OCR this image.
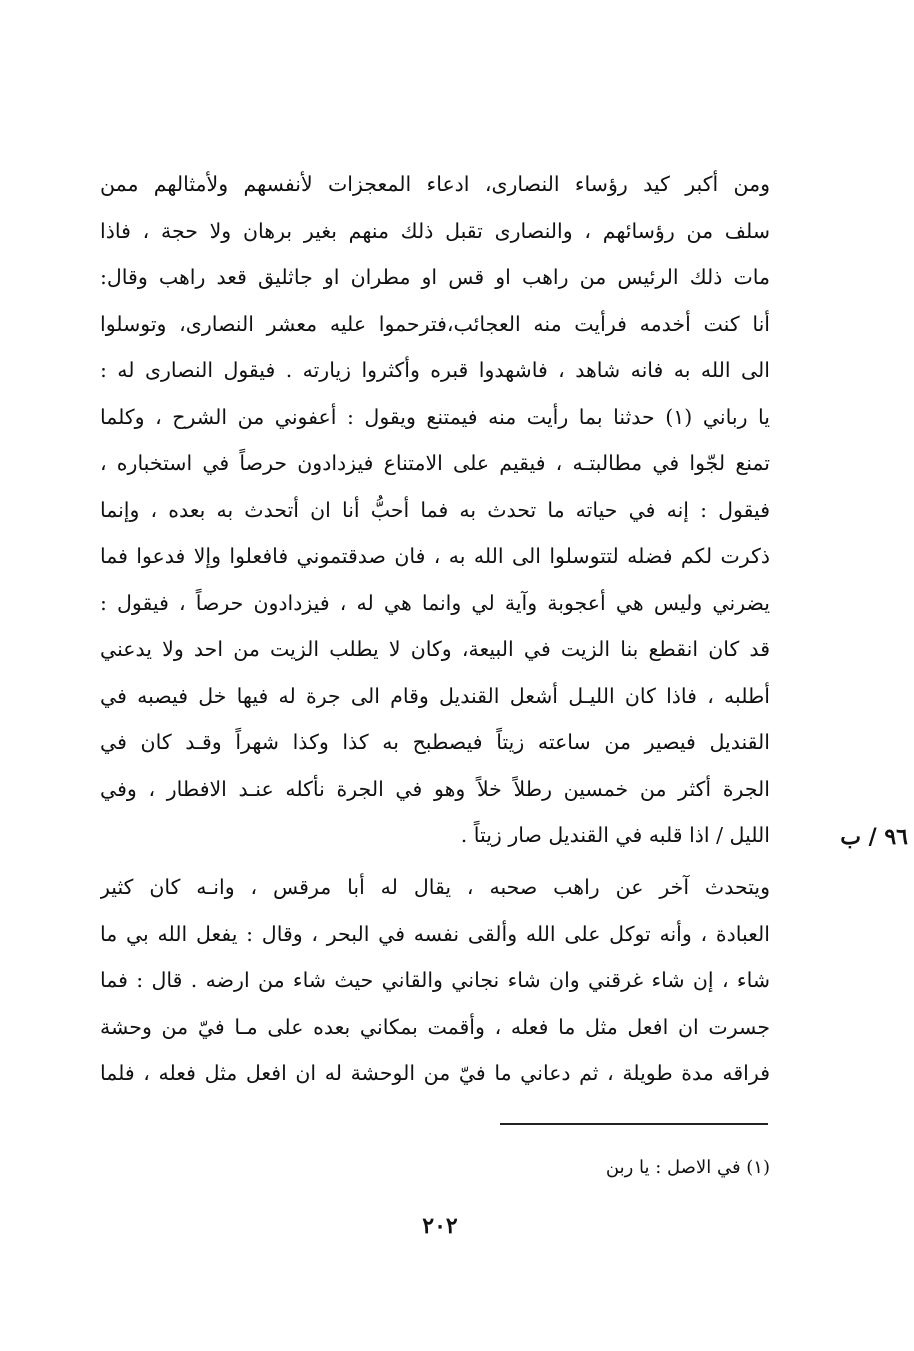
ومن أكبر كيد رؤساء النصارى، ادعاء المعجزات لأنفسهم ولأمثالهم ممن
سلف من رؤسائهم ، والنصارى تقبل ذلك منهم بغير برهان ولا حجة ، فاذا
مات ذلك الرئيس من راهب او قس او مطران او جاثليق قعد راهب وقال:
أنا كنت أخدمه فرأيت منه العجائب،فترحموا عليه معشر النصارى، وتوسلوا
الى الله به فانه شاهد ، فاشهدوا قبره وأكثروا زيارته . فيقول النصارى له :
يا رباني (١) حدثنا بما رأيت منه فيمتنع ويقول : أعفوني من الشرح ، وكلما
تمنع لجّوا في مطالبتـه ، فيقيم على الامتناع فيزدادون حرصاً في استخباره ،
فيقول : إنه في حياته ما تحدث به فما أحبُّ أنا ان أتحدث به بعده ، وإنما
ذكرت لكم فضله لتتوسلوا الى الله به ، فان صدقتموني فافعلوا وإلا فدعوا فما
يضرني وليس هي أعجوبة وآية لي وانما هي له ، فيزدادون حرصاً ، فيقول :
قد كان انقطع بنا الزيت في البيعة، وكان لا يطلب الزيت من احد ولا يدعني
أطلبه ، فاذا كان الليـل أشعل القنديل وقام الى جرة له فيها خل فيصبه في
القنديل فيصير من ساعته زيتاً فيصطبح به كذا وكذا شهراً وقـد كان في
الجرة أكثر من خمسين رطلاً خلاً وهو في الجرة نأكله عنـد الافطار ، وفي
الليل / اذا قلبه في القنديل صار زيتاً .	٩٦ / ب
ويتحدث آخر عن راهب صحبه ، يقال له أبا مرقس ، وانـه كان كثير
العبادة ، وأنه توكل على الله وألقى نفسه في البحر ، وقال : يفعل الله بي ما
شاء ، إن شاء غرقني وان شاء نجاني والقاني حيث شاء من ارضه . قال : فما
جسرت ان افعل مثل ما فعله ، وأقمت بمكاني بعده على مـا فيّ من وحشة
فراقه مدة طويلة ، ثم دعاني ما فيّ من الوحشة له ان افعل مثل فعله ، فلما
(١) في الاصل : يا ربن
٢٠٢
